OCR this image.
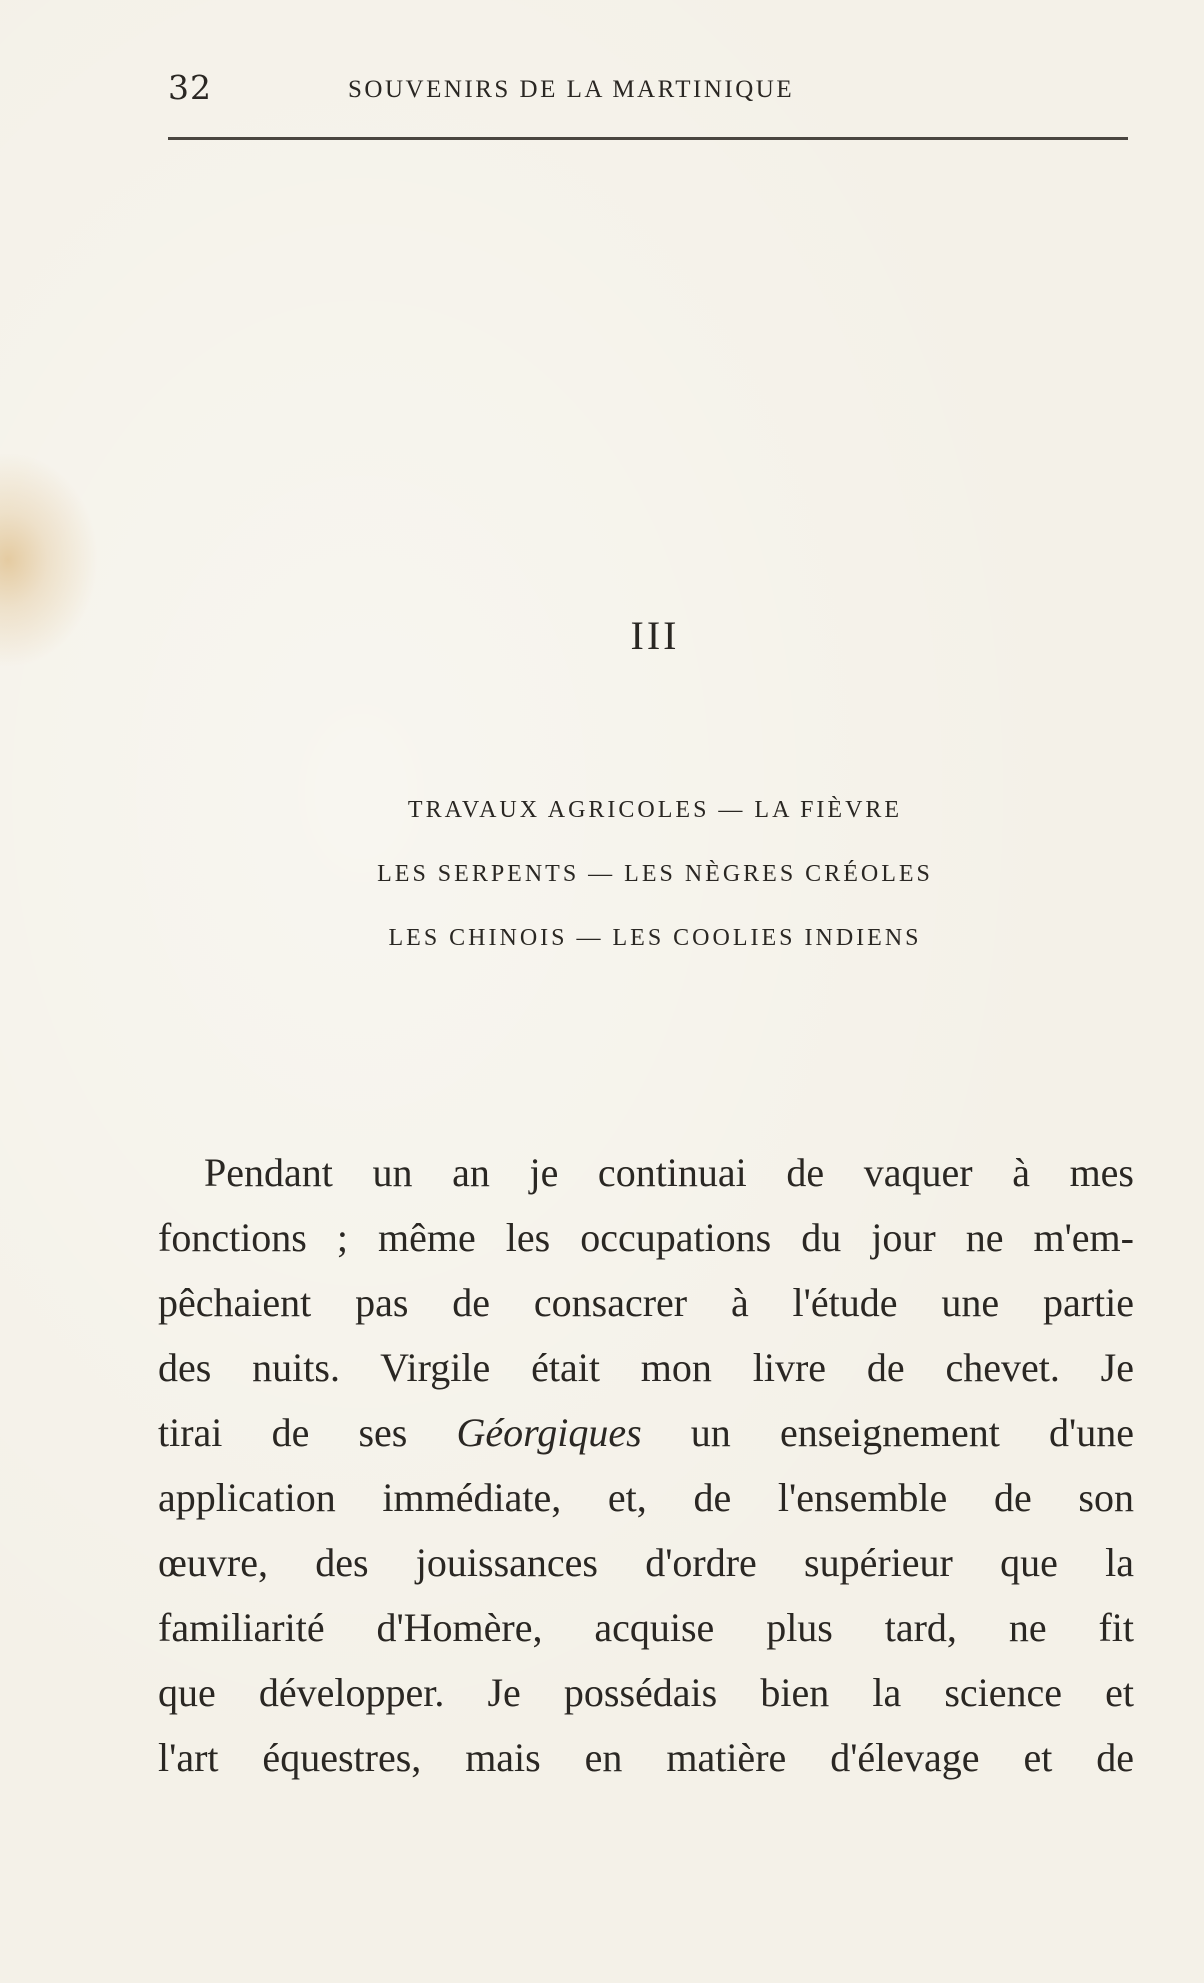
32	SOUVENIRS DE LA MARTINIQUE
III
TRAVAUX AGRICOLES — LA FIÈVRE
LES SERPENTS — LES NÈGRES CRÉOLES
LES CHINOIS — LES COOLIES INDIENS
Pendant un an je continuai de vaquer à mes
fonctions ; même les occupations du jour ne m'em-
pêchaient pas de consacrer à l'étude une partie
des nuits. Virgile était mon livre de chevet. Je
tirai de ses Géorgiques un enseignement d'une
application immédiate, et, de l'ensemble de son
œuvre, des jouissances d'ordre supérieur que la
familiarité d'Homère, acquise plus tard, ne fit
que développer. Je possédais bien la science et
l'art équestres, mais en matière d'élevage et de
